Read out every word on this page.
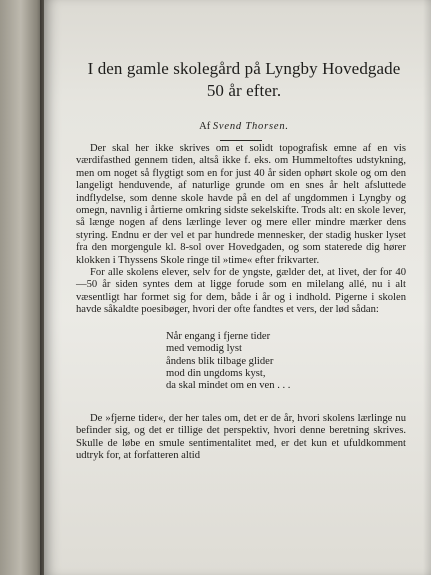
I den gamle skolegård på Lyngby Hovedgade
50 år efter.
Af Svend Thorsen.

Der skal her ikke skrives om et solidt topografisk emne af en vis værdifasthed gennem tiden, altså ikke f. eks. om Hummeltoftes udstykning, men om noget så flygtigt som en for just 40 år siden ophørt skole og om den langeligt henduvende, af naturlige grunde om en snes år helt afsluttede indflydelse, som denne skole havde på en del af ungdommen i Lyngby og omegn, navnlig i årtierne omkring sidste sekelskifte. Trods alt: en skole lever, så længe nogen af dens lærlinge lever og mere eller mindre mærker dens styring. Endnu er der vel et par hundrede mennesker, der stadig husker lyset fra den morgengule kl. 8-sol over Hovedgaden, og som staterede dig hører klokken i Thyssens Skole ringe til »time« efter frikvarter.

For alle skolens elever, selv for de yngste, gælder det, at livet, der for 40—50 år siden syntes dem at ligge forude som en milelang allé, nu i alt væsentligt har formet sig for dem, både i år og i indhold. Pigerne i skolen havde såkaldte poesibøger, hvori der ofte fandtes et vers, der lød sådan:

Når engang i fjerne tider
med vemodig lyst
åndens blik tilbage glider
mod din ungdoms kyst,
da skal mindet om en ven . . .

De »fjerne tider«, der her tales om, det er de år, hvori skolens lærlinge nu befinder sig, og det er tillige det perspektiv, hvori denne beretning skrives. Skulle de løbe en smule sentimentalitet med, er det kun et ufuldkomment udtryk for, at forfatteren altid
